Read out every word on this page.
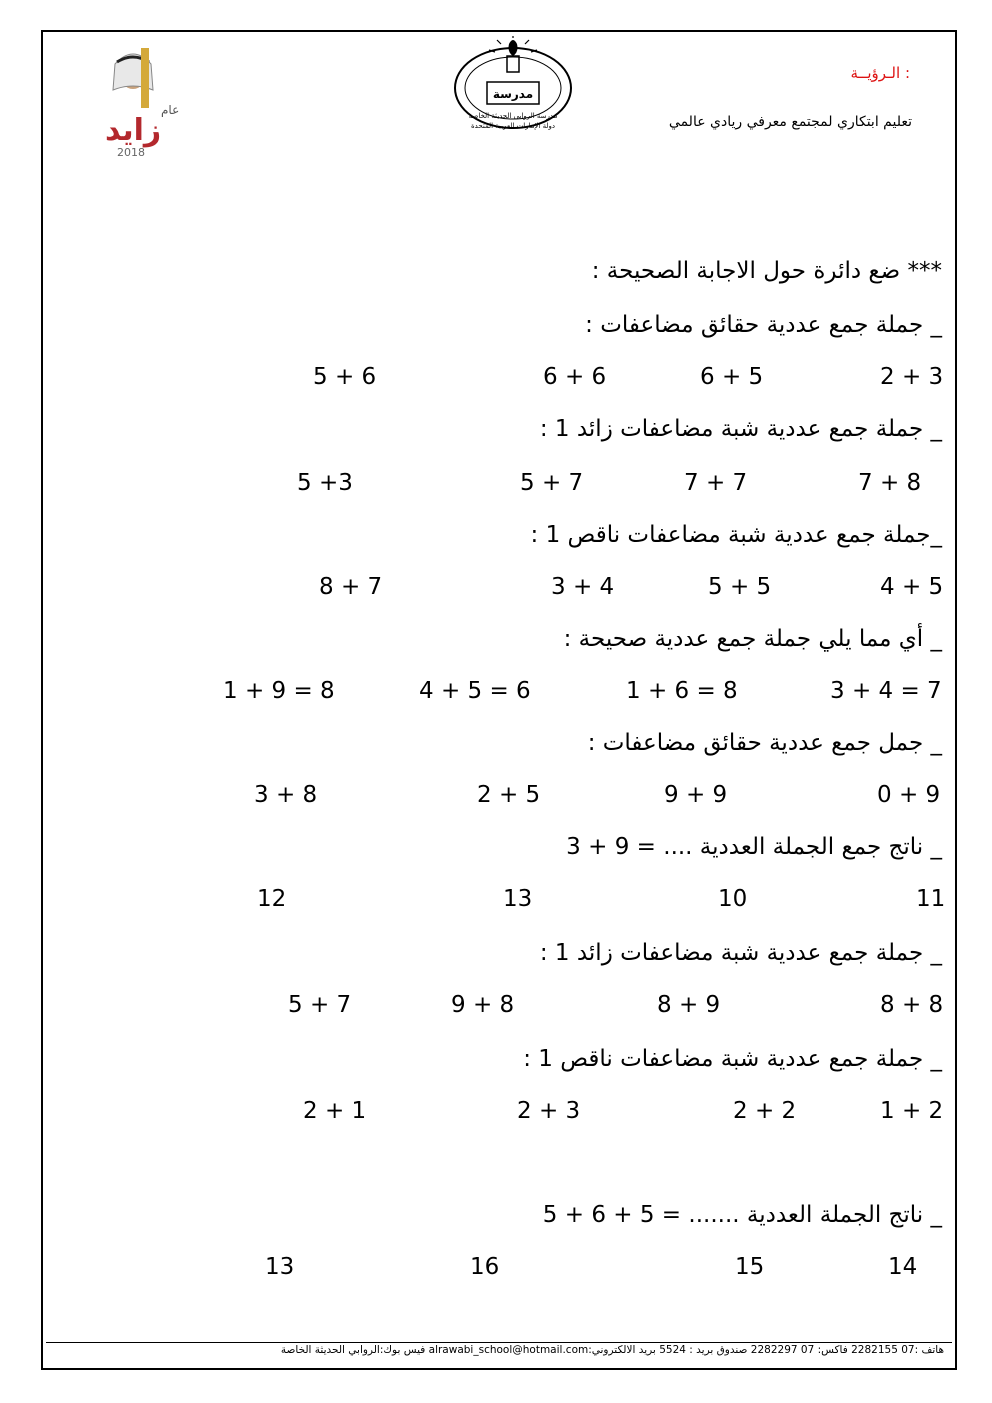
عام
زايد
2018
مدرسة
مدرسة الروابي الحديثة الخاصة
دولة الإمارات العربية المتحدة
الـرؤيــة :
تعليم ابتكاري لمجتمع معرفي ريادي عالمي
*** ضع دائرة حول الاجابة الصحيحة :
_ جملة جمع عددية حقائق مضاعفات :
2 + 3
6 + 5
6 + 6
5 + 6
_ جملة جمع عددية شبة مضاعفات زائد 1 :
7 + 8
7 + 7
5 + 7
5 +3
_جملة جمع عددية شبة مضاعفات ناقص 1 :
4 + 5
5 + 5
3 + 4
8 + 7
_ أي مما يلي جملة جمع عددية صحيحة :
3 + 4 = 7
1 + 6 = 8
4 + 5 = 6
1 + 9 = 8
_ جمل جمع عددية حقائق مضاعفات :
0 + 9
9 + 9
2 + 5
3 + 8
_ ناتج جمع الجملة العددية .... = 9 + 3
11
10
13
12
_ جملة جمع عددية شبة مضاعفات زائد 1 :
8 + 8
8 + 9
9 + 8
5 + 7
_ جملة جمع عددية شبة مضاعفات ناقص 1 :
1 + 2
2 + 2
2 + 3
2 + 1
_ ناتج الجملة العددية ....... = 5 + 6 + 5
14
15
16
13
هاتف :07 2282155 فاكس: 07 2282297 صندوق بريد : 5524 بريد الالكتروني:alrawabi_school@hotmail.com فيس بوك:الروابي الحديثة الخاصة
